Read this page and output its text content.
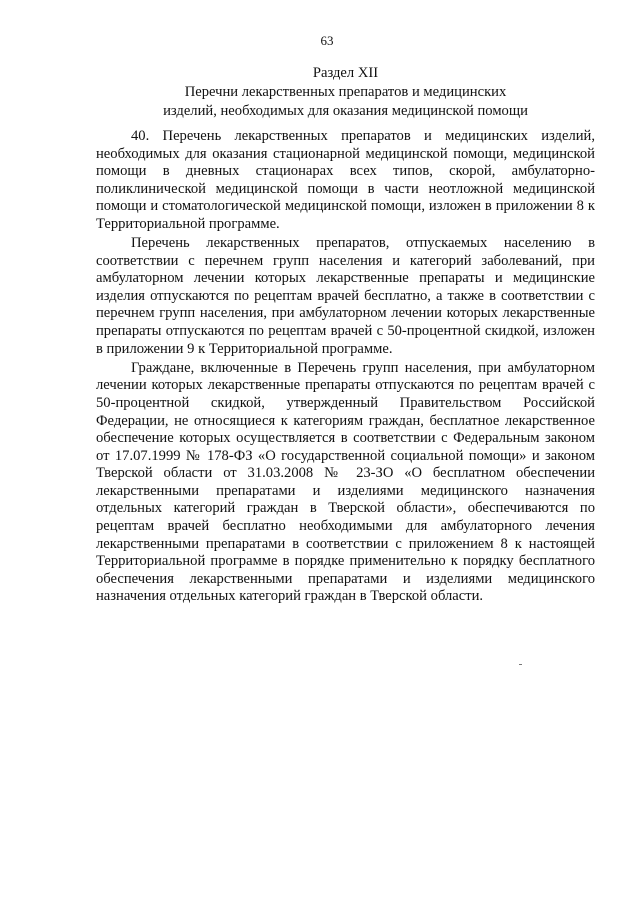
63
Раздел XII
Перечни лекарственных препаратов и медицинских
изделий, необходимых для оказания медицинской помощи

40. Перечень лекарственных препаратов и медицинских изделий, необходимых для оказания стационарной медицинской помощи, медицинской помощи в дневных стационарах всех типов, скорой, амбулаторно-поликлинической медицинской помощи в части неотложной медицинской помощи и стоматологической медицинской помощи, изложен в приложении 8 к Территориальной программе.

Перечень лекарственных препаратов, отпускаемых населению в соответствии с перечнем групп населения и категорий заболеваний, при амбулаторном лечении которых лекарственные препараты и медицинские изделия отпускаются по рецептам врачей бесплатно, а также в соответствии с перечнем групп населения, при амбулаторном лечении которых лекарственные препараты отпускаются по рецептам врачей с 50-процентной скидкой, изложен в приложении 9 к Территориальной программе.

Граждане, включенные в Перечень групп населения, при амбулаторном лечении которых лекарственные препараты отпускаются по рецептам врачей с 50-процентной скидкой, утвержденный Правительством Российской Федерации, не относящиеся к категориям граждан, бесплатное лекарственное обеспечение которых осуществляется в соответствии с Федеральным законом от 17.07.1999 № 178-ФЗ «О государственной социальной помощи» и законом Тверской области от 31.03.2008 № 23-ЗО «О бесплатном обеспечении лекарственными препаратами и изделиями медицинского назначения отдельных категорий граждан в Тверской области», обеспечиваются по рецептам врачей бесплатно необходимыми для амбулаторного лечения лекарственными препаратами в соответствии с приложением 8 к настоящей Территориальной программе в порядке применительно к порядку бесплатного обеспечения лекарственными препаратами и изделиями медицинского назначения отдельных категорий граждан в Тверской области.
